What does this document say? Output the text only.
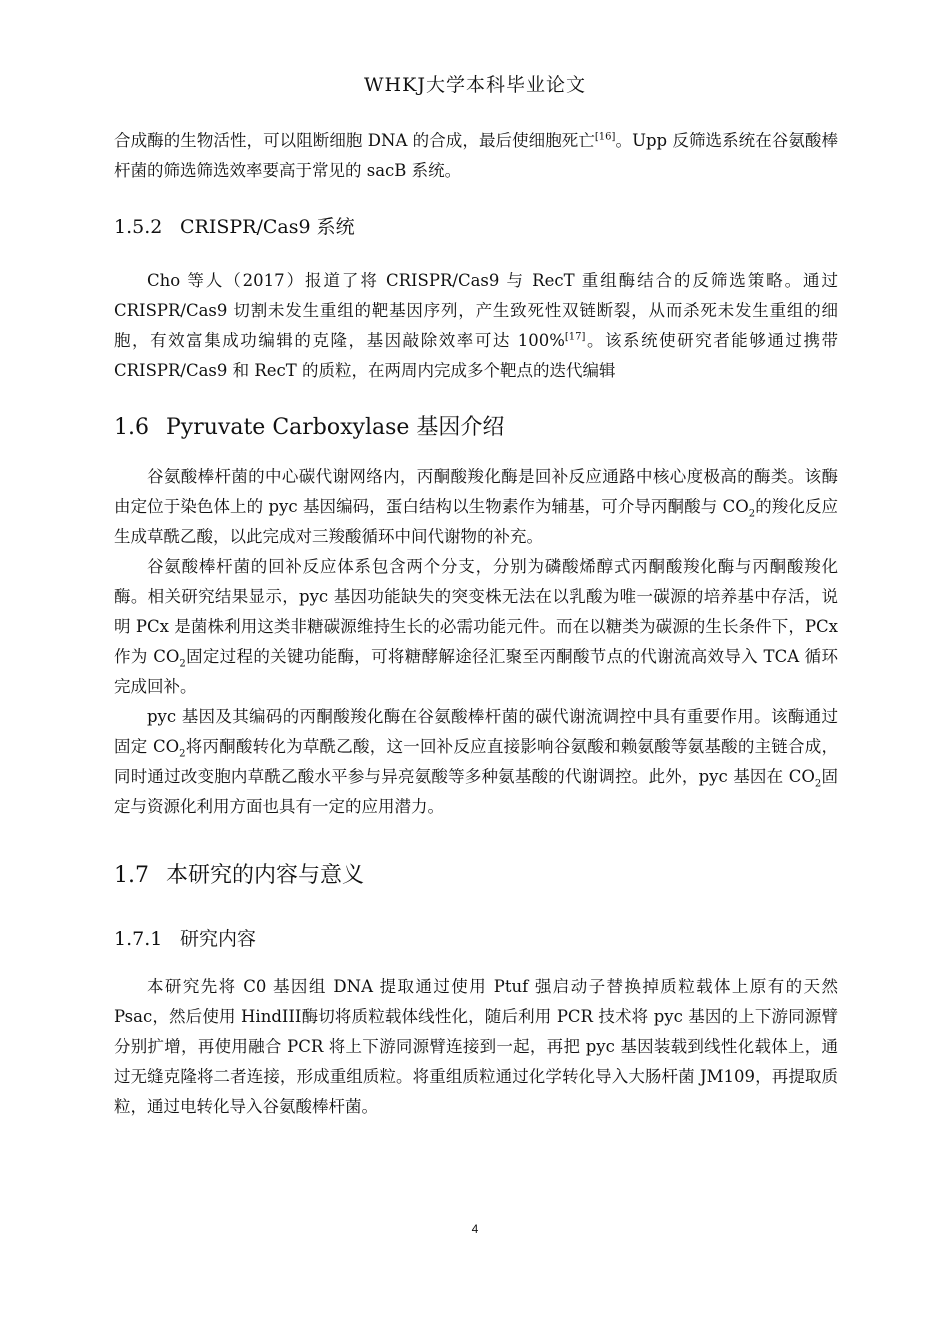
WHKJ大学本科毕业论文

合成酶的生物活性，可以阻断细胞 DNA 的合成，最后使细胞死亡[16]。Upp 反筛选系统在谷氨酸棒杆菌的筛选筛选效率要高于常见的 sacB 系统。

1.5.2 CRISPR/Cas9 系统

Cho 等人（2017）报道了将 CRISPR/Cas9 与 RecT 重组酶结合的反筛选策略。通过 CRISPR/Cas9 切割未发生重组的靶基因序列，产生致死性双链断裂，从而杀死未发生重组的细胞，有效富集成功编辑的克隆，基因敲除效率可达 100%[17]。该系统使研究者能够通过携带 CRISPR/Cas9 和 RecT 的质粒，在两周内完成多个靶点的迭代编辑

1.6 Pyruvate Carboxylase 基因介绍

谷氨酸棒杆菌的中心碳代谢网络内，丙酮酸羧化酶是回补反应通路中核心度极高的酶类。该酶由定位于染色体上的 pyc 基因编码，蛋白结构以生物素作为辅基，可介导丙酮酸与 $CO_2$的羧化反应生成草酰乙酸，以此完成对三羧酸循环中间代谢物的补充。

谷氨酸棒杆菌的回补反应体系包含两个分支，分别为磷酸烯醇式丙酮酸羧化酶与丙酮酸羧化酶。相关研究结果显示，pyc 基因功能缺失的突变株无法在以乳酸为唯一碳源的培养基中存活，说明 PCx 是菌株利用这类非糖碳源维持生长的必需功能元件。而在以糖类为碳源的生长条件下，PCx 作为 $CO_2$固定过程的关键功能酶，可将糖酵解途径汇聚至丙酮酸节点的代谢流高效导入 TCA 循环完成回补。

pyc 基因及其编码的丙酮酸羧化酶在谷氨酸棒杆菌的碳代谢流调控中具有重要作用。该酶通过固定 $CO_2$将丙酮酸转化为草酰乙酸，这一回补反应直接影响谷氨酸和赖氨酸等氨基酸的主链合成，同时通过改变胞内草酰乙酸水平参与异亮氨酸等多种氨基酸的代谢调控。此外，pyc 基因在 $CO_2$固定与资源化利用方面也具有一定的应用潜力。

1.7 本研究的内容与意义
1.7.1 研究内容

本研究先将 C0 基因组 DNA 提取通过使用 Ptuf 强启动子替换掉质粒载体上原有的天然 Psac，然后使用 HindIII酶切将质粒载体线性化，随后利用 PCR 技术将 pyc 基因的上下游同源臂分别扩增，再使用融合 PCR 将上下游同源臂连接到一起，再把 pyc 基因装载到线性化载体上，通过无缝克隆将二者连接，形成重组质粒。将重组质粒通过化学转化导入大肠杆菌 JM109，再提取质粒，通过电转化导入谷氨酸棒杆菌。

4
